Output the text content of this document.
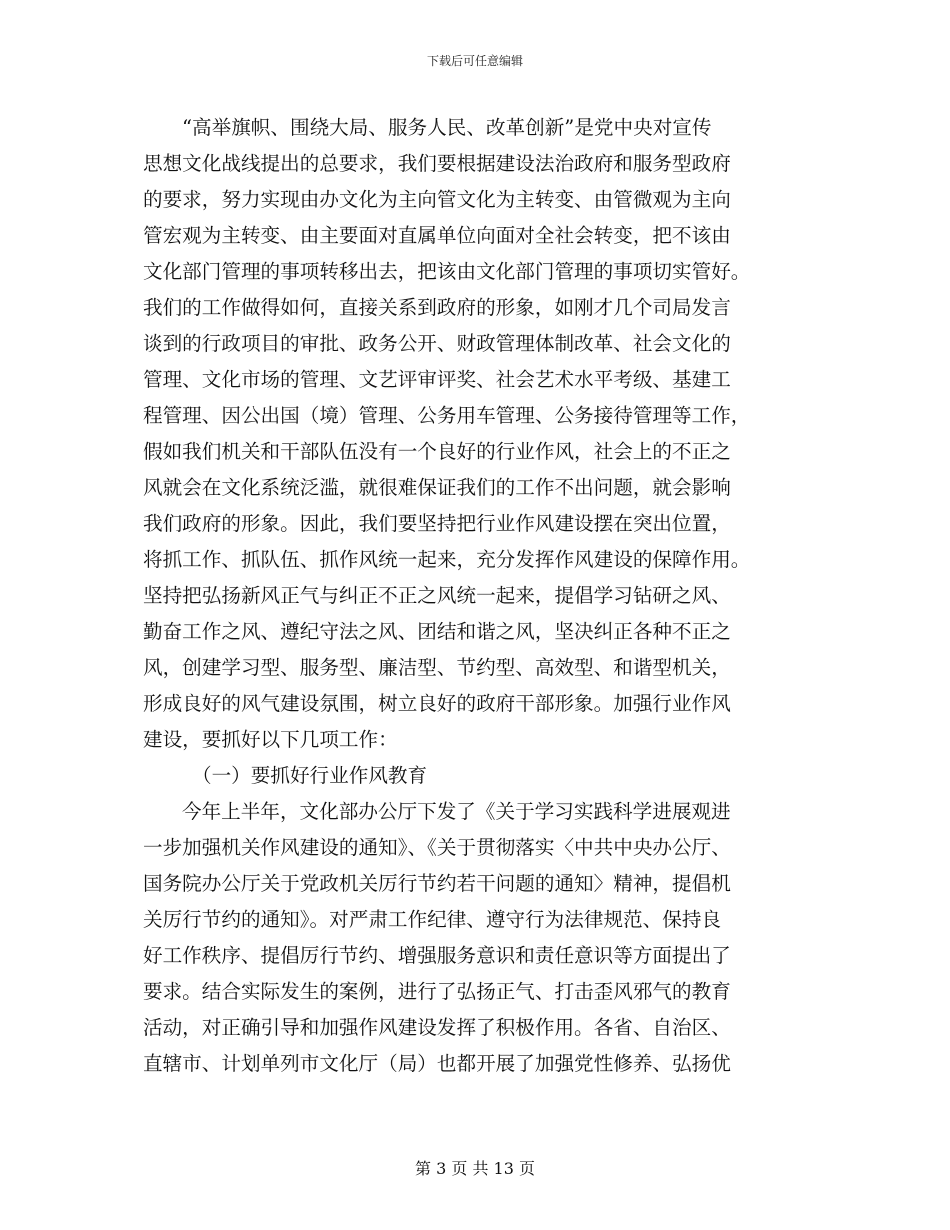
下载后可任意编辑
“高举旗帜、围绕大局、服务人民、改革创新”是党中央对宣传
思想文化战线提出的总要求，我们要根据建设法治政府和服务型政府
的要求，努力实现由办文化为主向管文化为主转变、由管微观为主向
管宏观为主转变、由主要面对直属单位向面对全社会转变，把不该由
文化部门管理的事项转移出去，把该由文化部门管理的事项切实管好。
我们的工作做得如何，直接关系到政府的形象，如刚才几个司局发言
谈到的行政项目的审批、政务公开、财政管理体制改革、社会文化的
管理、文化市场的管理、文艺评审评奖、社会艺术水平考级、基建工
程管理、因公出国（境）管理、公务用车管理、公务接待管理等工作，
假如我们机关和干部队伍没有一个良好的行业作风，社会上的不正之
风就会在文化系统泛滥，就很难保证我们的工作不出问题，就会影响
我们政府的形象。因此，我们要坚持把行业作风建设摆在突出位置，
将抓工作、抓队伍、抓作风统一起来，充分发挥作风建设的保障作用。
坚持把弘扬新风正气与纠正不正之风统一起来，提倡学习钻研之风、
勤奋工作之风、遵纪守法之风、团结和谐之风，坚决纠正各种不正之
风，创建学习型、服务型、廉洁型、节约型、高效型、和谐型机关，
形成良好的风气建设氛围，树立良好的政府干部形象。加强行业作风
建设，要抓好以下几项工作：
（一）要抓好行业作风教育
今年上半年，文化部办公厅下发了《关于学习实践科学进展观进
一步加强机关作风建设的通知》、《关于贯彻落实〈中共中央办公厅、
国务院办公厅关于党政机关厉行节约若干问题的通知〉精神，提倡机
关厉行节约的通知》。对严肃工作纪律、遵守行为法律规范、保持良
好工作秩序、提倡厉行节约、增强服务意识和责任意识等方面提出了
要求。结合实际发生的案例，进行了弘扬正气、打击歪风邪气的教育
活动，对正确引导和加强作风建设发挥了积极作用。各省、自治区、
直辖市、计划单列市文化厅（局）也都开展了加强党性修养、弘扬优
第 3 页 共 13 页
